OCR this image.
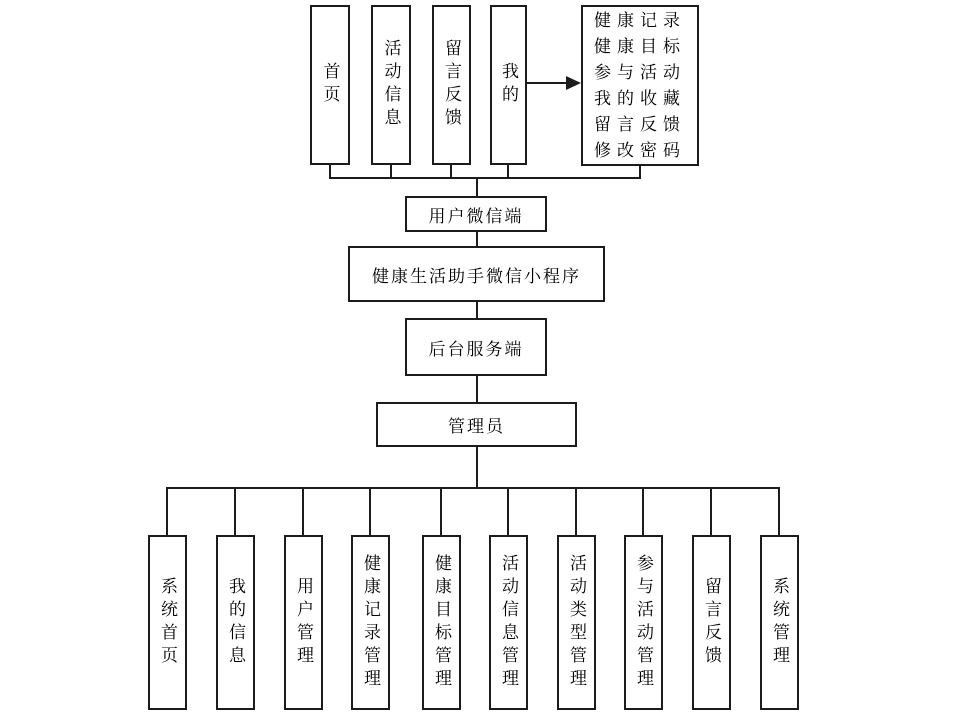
首页 活动信息 留言反馈 我的
健康记录
健康目标
参与活动
我的收藏
留言反馈
修改密码
用户微信端
健康生活助手微信小程序
后台服务端
管理员
系统首页	我的信息	用户管理	健康记录管理	健康目标管理	活动信息管理	活动类型管理	参与活动管理	留言反馈	系统管理
